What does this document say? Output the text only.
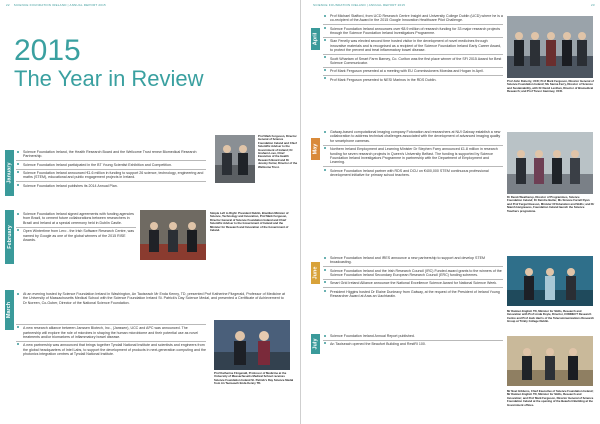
22 SCIENCE FOUNDATION IRELAND | ANNUAL REPORT 2015
2015
The Year in Review
January
Science Foundation Ireland, the Health Research Board and the Wellcome Trust renew Biomedical Research Partnership.
Science Foundation Ireland participated in the BT Young Scientist Exhibition and Competition.
Science Foundation Ireland announced €1.6 million in funding to support 26 science, technology, engineering and maths (STEM), educational and public engagement projects in Ireland.
Science Foundation Ireland publishes its 2014 Annual Plan.
Prof Mark Ferguson, Director General of Science Foundation Ireland and Chief Scientific Adviser to the Government of Ireland; Dr Graham Love, Chief Executive of the Health Research Board and Dr Jeremy Farrar, Director of the Wellcome Trust.
February
Science Foundation Ireland signed agreements with funding agencies from Brazil, to cement future collaborations between researchers in Brazil and Ireland at a special ceremony held in Dublin Castle.
Open Wintertime from Lero - the Irish Software Research Centre, was named by Google as one of the global winners of the 2015 RISE Awards.
Simple Left to Right: President Dublin, Brazilian Minister of Science, Technology and Innovation, Prof Mark Ferguson, Director General of Science Foundation Ireland and Chief Scientific Adviser to the Government of Ireland and the Minister for Research and Innovation of the Government of Ireland.
March
At an evening hosted by Science Foundation Ireland in Washington, An Taoiseach Mr Enda Kenny, TD, presented Prof Katherine Fitzgerald, Professor of Medicine at the University of Massachusetts Medical School with the Science Foundation Ireland St. Patrick's Day Science Medal, and presented a Certificate of Achievement to Dr Noreen, Co-Guber, Director of the National Science Foundation.
A new research alliance between Janssen Biotech, Inc., (Janssen), UCC and APC was announced. The partnership will explore the role of microbes in shaping the human microbiome and their potential use as novel treatments and/or biomarkers of inflammatory bowel disease.
A new partnership was announced that brings together Tyndall National Institute and scientists and engineers from the global headquarters of Intel Labs, to support the development of products in next-generation computing and the photonics integration centres at Tyndall National Institute.
Prof Katherine Fitzgerald, Professor of Medicine at the University of Massachusetts Medical School receives Science Foundation Ireland St. Patrick's Day Science Medal from An Taoiseach Enda Kenny TD.
SCIENCE FOUNDATION IRELAND | ANNUAL REPORT 2015	23
April
Prof Michael Stafford, from UCD Research Centre Insight and University College Dublin (UCD) where he is a co-recipient of the Award in the 2015 Google Innovation Healthcare Pilot Challenge.
Science Foundation Ireland announces over €8.9 million of research funding for 33 major research projects through the Science Foundation Ireland Investigators Programme.
Sian Fenelly was elected second time hosted visitor in the development of novel medicines through innovative materials and is recognised as a recipient of the Science Foundation Ireland Early Career Award, to protect the prevent and treat inflammatory bowel disease.
Scott Whartam of Smart Farm Barney, Co. Curlton was the first place winner of the SFI 2015 Award for Best Science Communicator.
Prof Mark Ferguson presented at a meeting with EU Commissioners Moedas and Hogan in April.
Prof Mark Ferguson presented to NESI Marinos in the RDS Dublin.	Prof John Doherty, UCD; Prof Mark Ferguson, Director General of Science Foundation Ireland; Ms Sanna Ferry, Director of Science and Sustainability, with Dr David Lenihan, Director of Biomedical Research; and Prof Trevor Gammey, UCD.
May
Galway-based computational imaging company Fotonation and researchers at NUI Galway establish a new collaboration to address technical challenges associated with the development of advanced imaging quality for smartphone cameras.
Northern Ireland Employment and Learning Minister Dr Stephen Farry announced £1.8 million in research funding for seven research projects in Queen's University Belfast. The funding is supported by Science Foundation Ireland Investigators Programme in partnership with the Department of Employment and Learning.
Science Foundation Ireland partner with RDS and DCU on €400,000 STEM continuous professional development initiative for primary school teachers.
Dr Derek Weatherup, Director of Programmes, Science Foundation Ireland; Dr Deirdre Butler, Ms Simone Farrell Ryan and Prof Fergal Gleeson, Minister Of Education and Skills; and Dr Niamh Hargreaves, Foundation Ireland launch the Science Teachers programme.
June
Science Foundation Ireland and IRES announce a new partnership to support and develop STEM broadcasting.
Science Foundation Ireland and the Irish Research Council (IRC) Funded award grants to the winners of the Science Foundation Ireland Secondary European Research Council (ERC) funding schemes.
Smart Grid Ireland Alliance announce the National Excellence Science Award for National Science Week.
President Higgins hosted Dr Elaine Dunleavy from Galway, at the request of the President of Ireland Young Researcher Award at Aras an Uachtaráin.
Mr Damien English TD, Minister for Skills, Research and Innovation with Prof Linda Doyle, Director, CONNECT Research Centre and Prof Jack Harris of the Telecommunications Research Group at Trinity College Dublin.
July
Science Foundation Ireland Annual Report published.
An Taoiseach opened the Beaufort Building and RestRI 100.
Mr Noel Gibbons, Chief Executive of Science Foundation Ireland; Mr Damien English TD, Minister for Skills, Research and Innovation; and Prof Mark Ferguson, Director General of Science Foundation Ireland at the opening of the Beaufort Building at the Government offices.
